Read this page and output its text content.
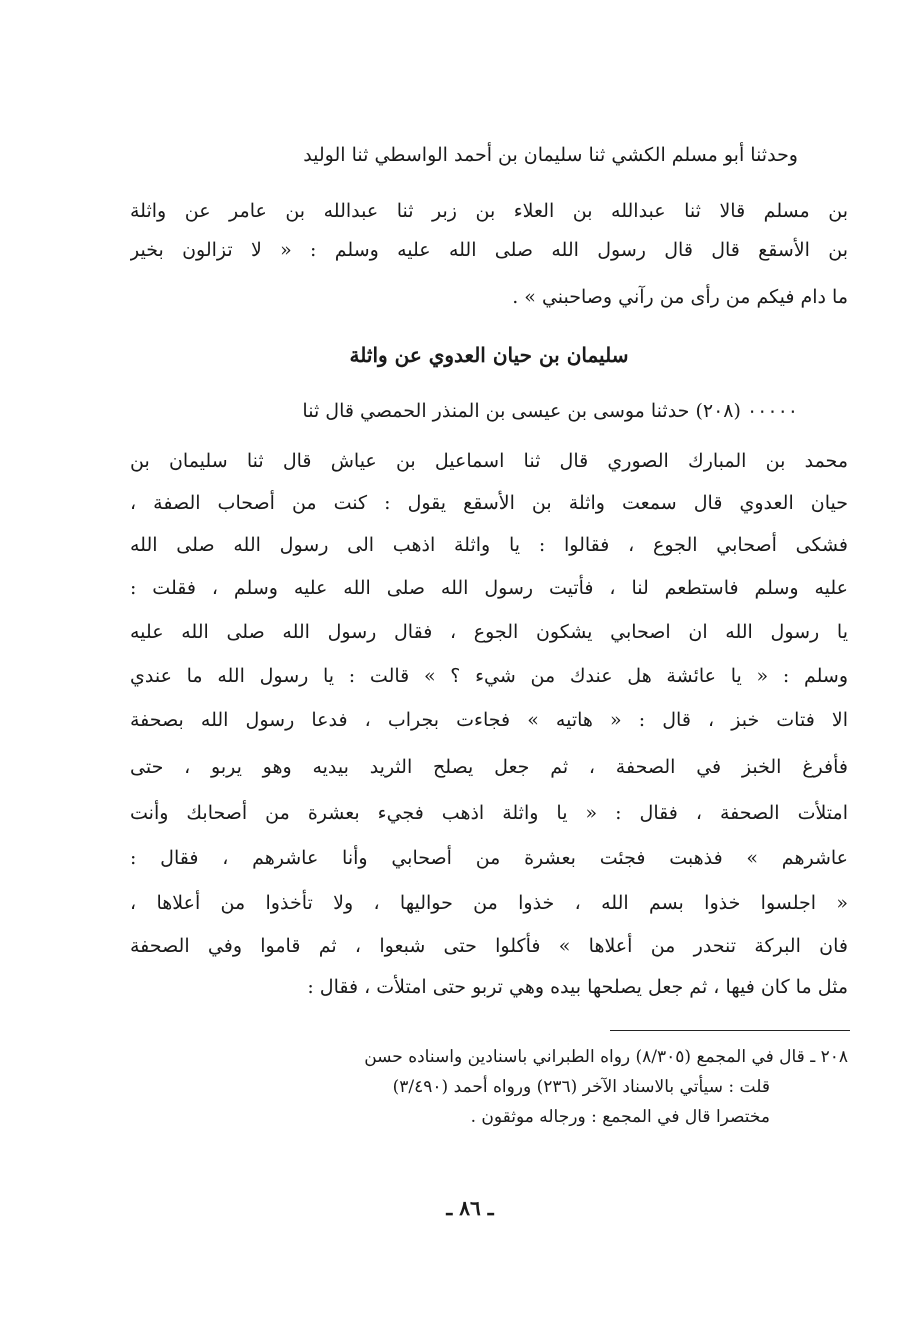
وحدثنا أبو مسلم الكشي ثنا سليمان بن أحمد الواسطي ثنا الوليد
بن مسلم قالا ثنا عبدالله بن العلاء بن زبر ثنا عبدالله بن عامر عن واثلة
بن الأسقع قال قال رسول الله صلى الله عليه وسلم : « لا تزالون بخير
ما دام فيكم من رأى من رآني وصاحبني » .
سليمان بن حيان العدوي عن واثلة
٠٠٠٠٠ (٢٠٨) حدثنا موسى بن عيسى بن المنذر الحمصي قال ثنا
محمد بن المبارك الصوري قال ثنا اسماعيل بن عياش قال ثنا سليمان بن
حيان العدوي قال سمعت واثلة بن الأسقع يقول : كنت من أصحاب الصفة ،
فشكى أصحابي الجوع ، فقالوا : يا واثلة اذهب الى رسول الله صلى الله
عليه وسلم فاستطعم لنا ، فأتيت رسول الله صلى الله عليه وسلم ، فقلت :
يا رسول الله ان اصحابي يشكون الجوع ، فقال رسول الله صلى الله عليه
وسلم : « يا عائشة هل عندك من شيء ؟ » قالت : يا رسول الله ما عندي
الا فتات خبز ، قال : « هاتيه » فجاءت بجراب ، فدعا رسول الله بصحفة
فأفرغ الخبز في الصحفة ، ثم جعل يصلح الثريد بيديه وهو يربو ، حتى
امتلأت الصحفة ، فقال : « يا واثلة اذهب فجيء بعشرة من أصحابك وأنت
عاشرهم » فذهبت فجئت بعشرة من أصحابي وأنا عاشرهم ، فقال :
« اجلسوا خذوا بسم الله ، خذوا من حواليها ، ولا تأخذوا من أعلاها ،
فان البركة تنحدر من أعلاها » فأكلوا حتى شبعوا ، ثم قاموا وفي الصحفة
مثل ما كان فيها ، ثم جعل يصلحها بيده وهي تربو حتى امتلأت ، فقال :
٢٠٨ ـ قال في المجمع (٨/٣٠٥) رواه الطبراني باسنادين واسناده حسن
قلت : سيأتي بالاسناد الآخر (٢٣٦) ورواه أحمد (٣/٤٩٠)
مختصرا قال في المجمع : ورجاله موثقون .
ـ ٨٦ ـ
